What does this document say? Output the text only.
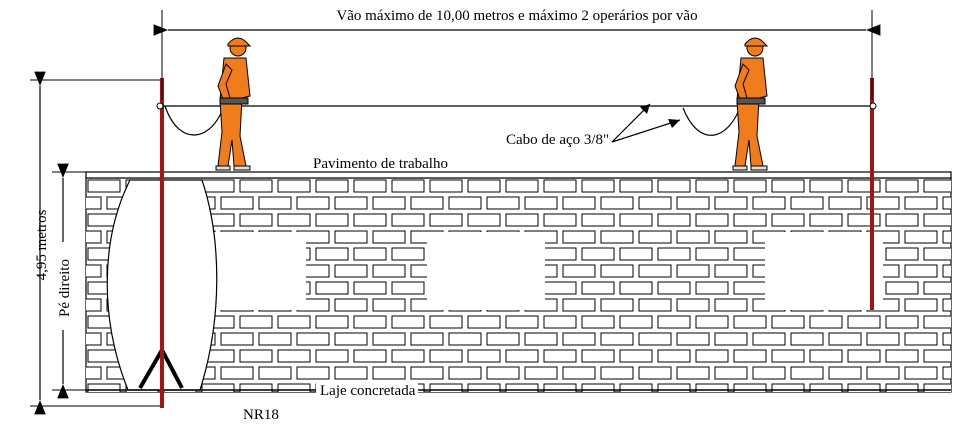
Vão máximo de 10,00 metros e máximo 2 operários por vão
Cabo de aço 3/8"
Pavimento de trabalho
4,95 metros
Pé direito
Laje concretada
NR18
